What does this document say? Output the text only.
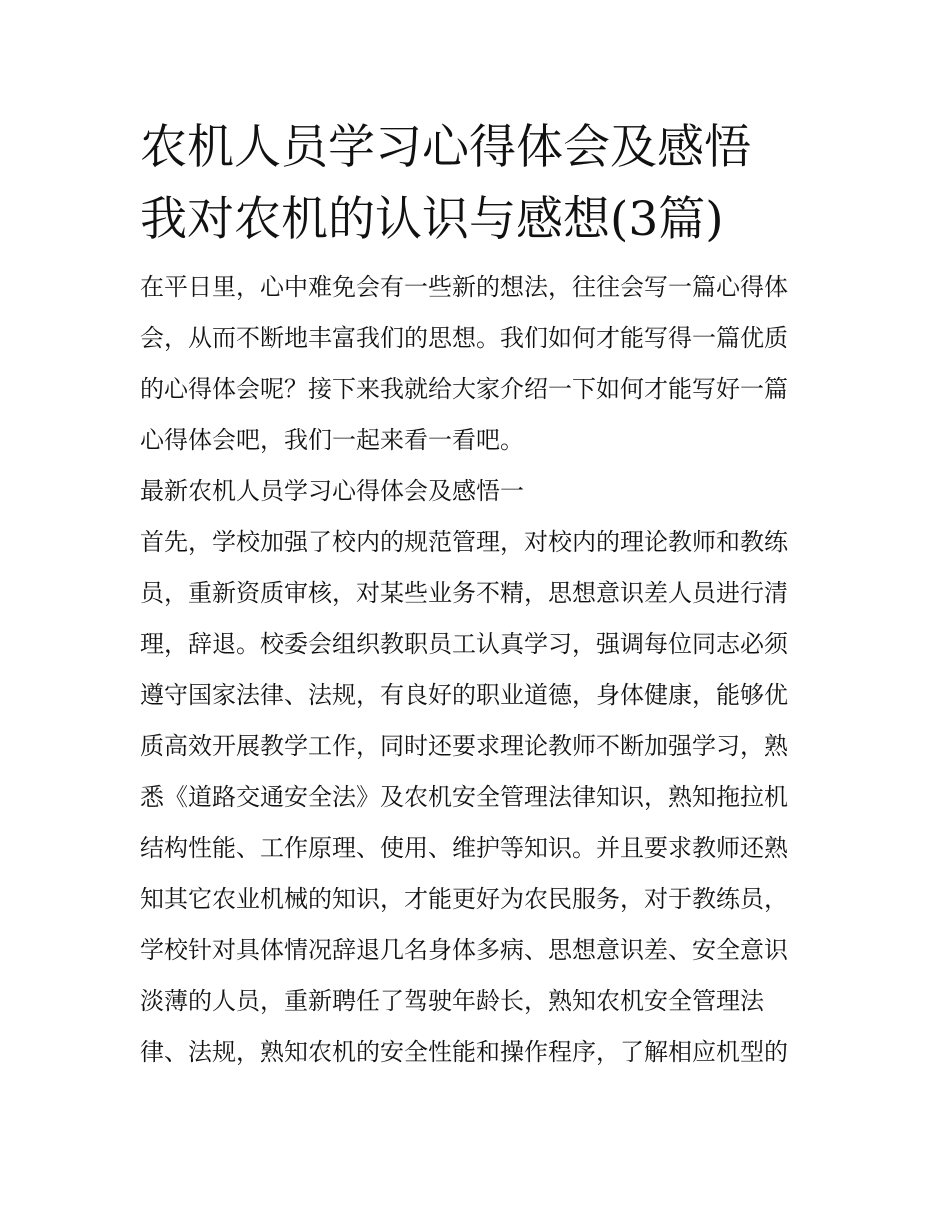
农机人员学习心得体会及感悟
我对农机的认识与感想(3篇)

在平日里，心中难免会有一些新的想法，往往会写一篇心得体
会，从而不断地丰富我们的思想。我们如何才能写得一篇优质
的心得体会呢？接下来我就给大家介绍一下如何才能写好一篇
心得体会吧，我们一起来看一看吧。

最新农机人员学习心得体会及感悟一

首先，学校加强了校内的规范管理，对校内的理论教师和教练
员，重新资质审核，对某些业务不精，思想意识差人员进行清
理，辞退。校委会组织教职员工认真学习，强调每位同志必须
遵守国家法律、法规，有良好的职业道德，身体健康，能够优
质高效开展教学工作，同时还要求理论教师不断加强学习，熟
悉《道路交通安全法》及农机安全管理法律知识，熟知拖拉机
结构性能、工作原理、使用、维护等知识。并且要求教师还熟
知其它农业机械的知识，才能更好为农民服务，对于教练员，
学校针对具体情况辞退几名身体多病、思想意识差、安全意识
淡薄的人员，重新聘任了驾驶年龄长，熟知农机安全管理法
律、法规，熟知农机的安全性能和操作程序，了解相应机型的
